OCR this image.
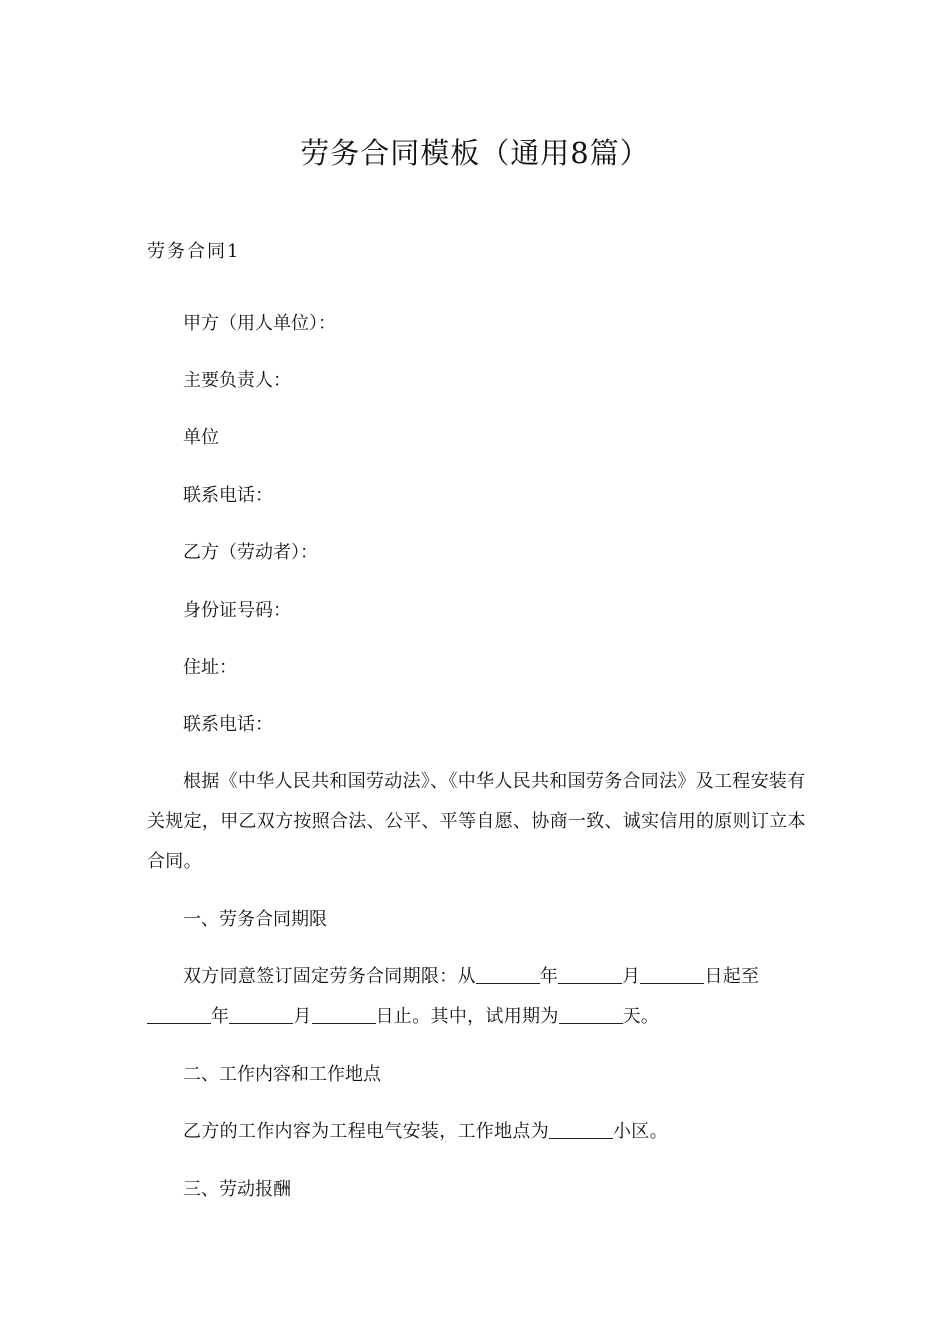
劳务合同模板（通用8篇）
劳务合同1
甲方（用人单位）：
主要负责人：
单位
联系电话：
乙方（劳动者）：
身份证号码：
住址：
联系电话：
根据《中华人民共和国劳动法》、《中华人民共和国劳务合同法》及工程安装有关规定，甲乙双方按照合法、公平、平等自愿、协商一致、诚实信用的原则订立本合同。
一、劳务合同期限
双方同意签订固定劳务合同期限：从	年	月	日起至年	月	日止。其中，试用期为	天。
二、工作内容和工作地点
乙方的工作内容为工程电气安装，工作地点为	小区。
三、劳动报酬
